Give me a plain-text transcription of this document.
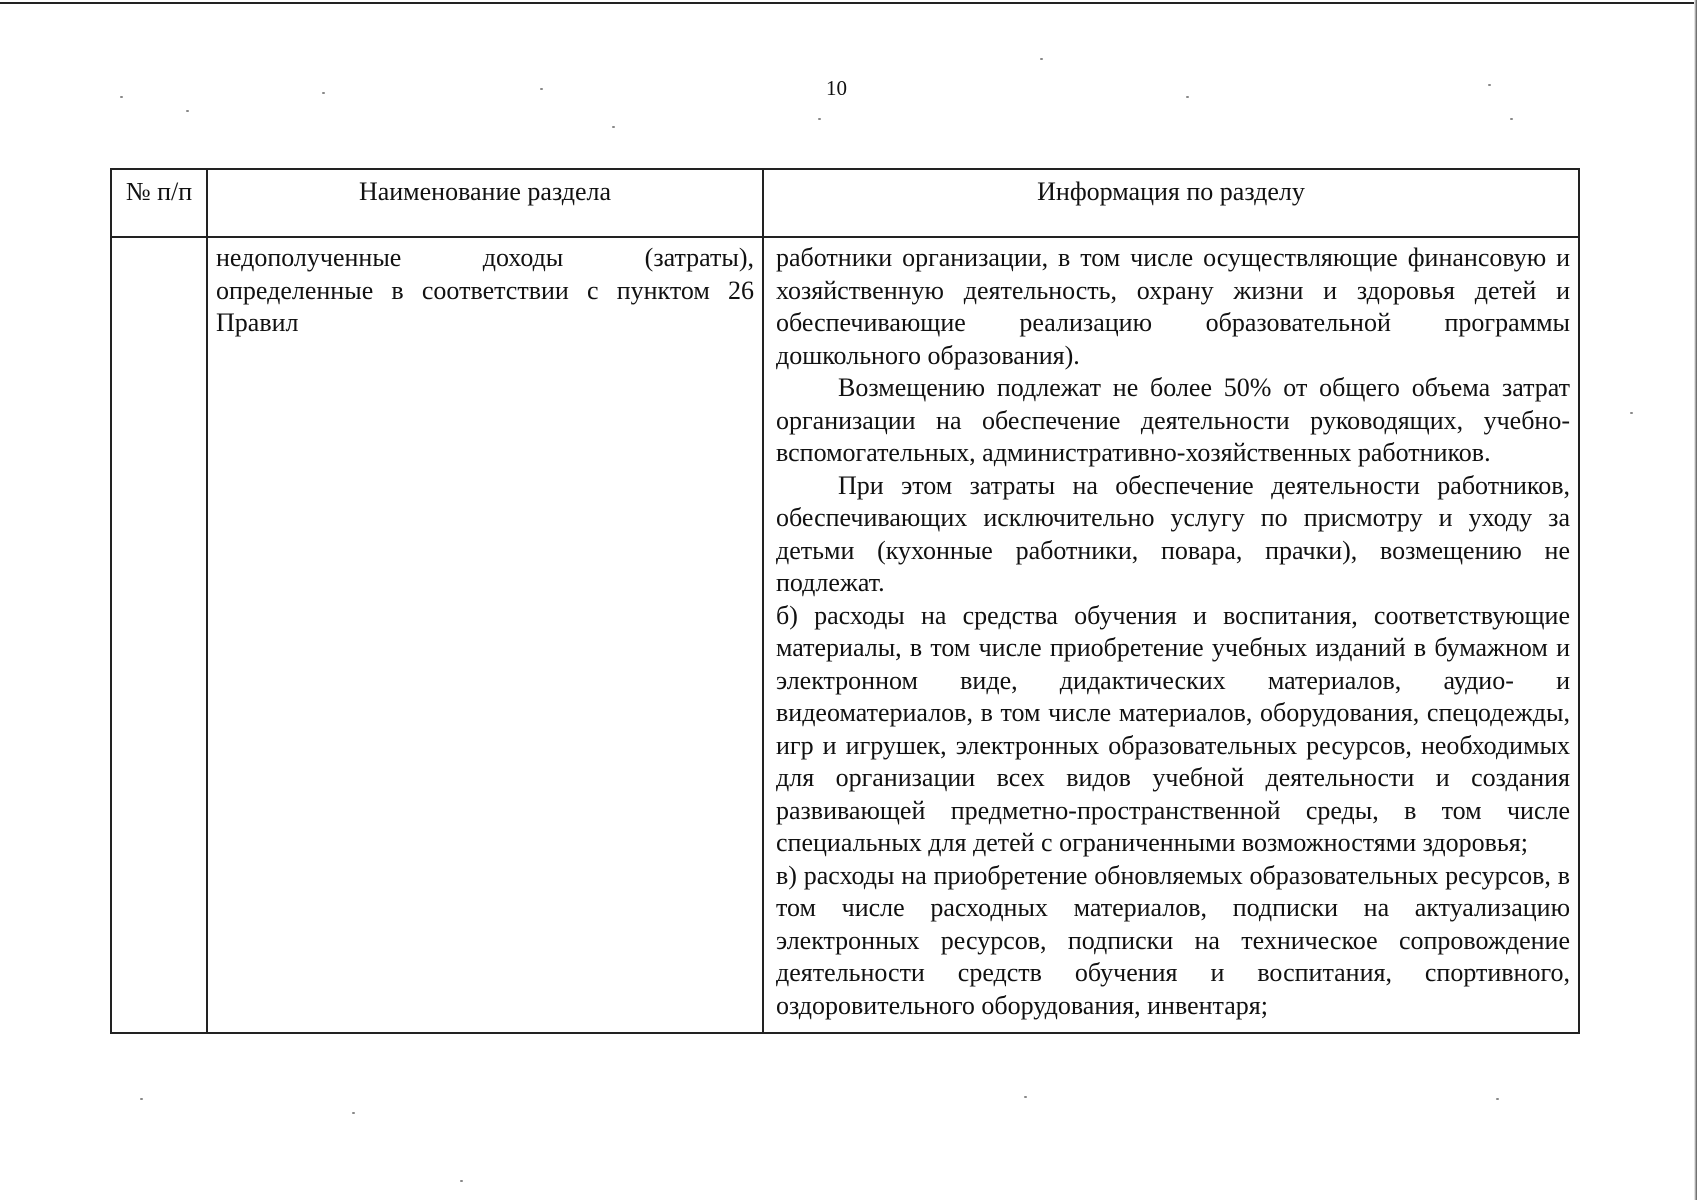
10
№ п/п	Наименование раздела	Информация по разделу
	недополученные доходы (затраты), определенные в соответствии с пунктом 26 Правил	работники организации, в том числе осуществляющие финансовую и хозяйственную деятельность, охрану жизни и здоровья детей и обеспечивающие реализацию образовательной программы дошкольного образования).

Возмещению подлежат не более 50% от общего объема затрат организации на обеспечение деятельности руководящих, учебно-вспомогательных, административно-хозяйственных работников.

При этом затраты на обеспечение деятельности работников, обеспечивающих исключительно услугу по присмотру и уходу за детьми (кухонные работники, повара, прачки), возмещению не подлежат.

б) расходы на средства обучения и воспитания, соответствующие материалы, в том числе приобретение учебных изданий в бумажном и электронном виде, дидактических материалов, аудио- и видеоматериалов, в том числе материалов, оборудования, спецодежды, игр и игрушек, электронных образовательных ресурсов, необходимых для организации всех видов учебной деятельности и создания развивающей предметно-пространственной среды, в том числе специальных для детей с ограниченными возможностями здоровья;

в) расходы на приобретение обновляемых образовательных ресурсов, в том числе расходных материалов, подписки на актуализацию электронных ресурсов, подписки на техническое сопровождение деятельности средств обучения и воспитания, спортивного, оздоровительного оборудования, инвентаря;
